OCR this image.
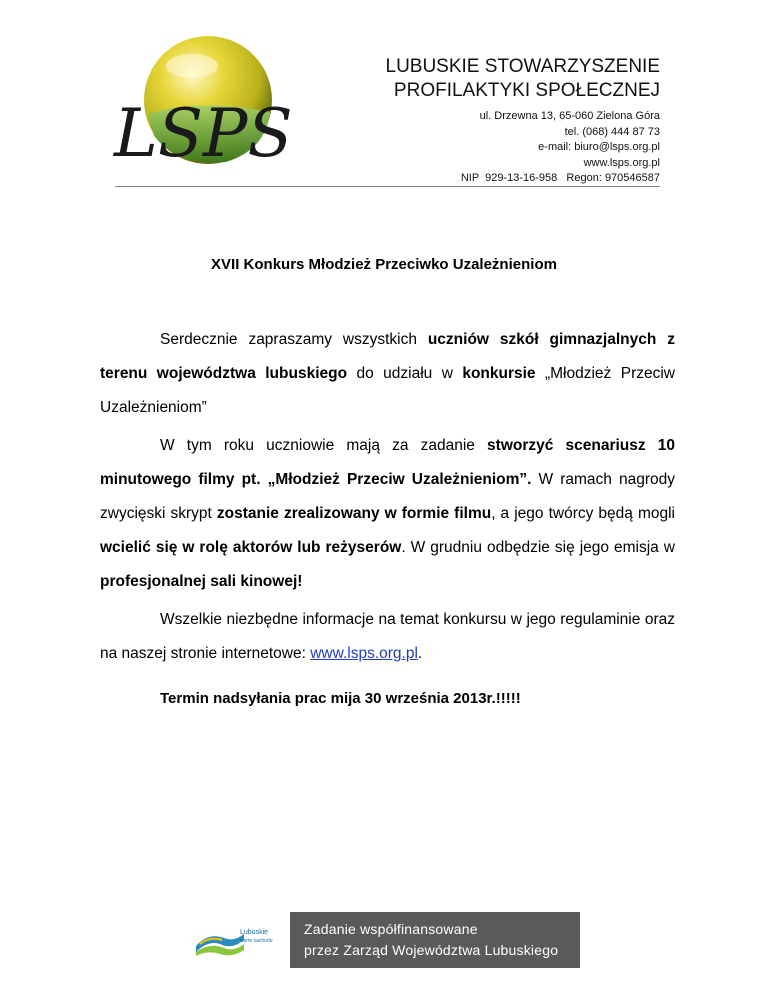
LSPS
LUBUSKIE STOWARZYSZENIE
PROFILAKTYKI SPOŁECZNEJ
ul. Drzewna 13, 65-060 Zielona Góra
tel. (068) 444 87 73
e-mail: biuro@lsps.org.pl
www.lsps.org.pl
NIP  929-13-16-958   Regon: 970546587
XVII Konkurs Młodzież Przeciwko Uzależnieniom

Serdecznie zapraszamy wszystkich uczniów szkół gimnazjalnych z terenu województwa lubuskiego do udziału w konkursie „Młodzież Przeciw Uzależnieniom”

W tym roku uczniowie mają za zadanie stworzyć scenariusz 10 minutowego filmy pt. „Młodzież Przeciw Uzależnieniom”. W ramach nagrody zwycięski skrypt zostanie zrealizowany w formie filmu, a jego twórcy będą mogli wcielić się w rolę aktorów lub reżyserów. W grudniu odbędzie się jego emisja w profesjonalnej sali kinowej!

Wszelkie niezbędne informacje na temat konkursu w jego regulaminie oraz na naszej stronie internetowe: www.lsps.org.pl.

Termin nadsyłania prac mija 30 września 2013r.!!!!!
Lubuskie
warte zachodu
Zadanie współfinansowane
przez Zarząd Województwa Lubuskiego
